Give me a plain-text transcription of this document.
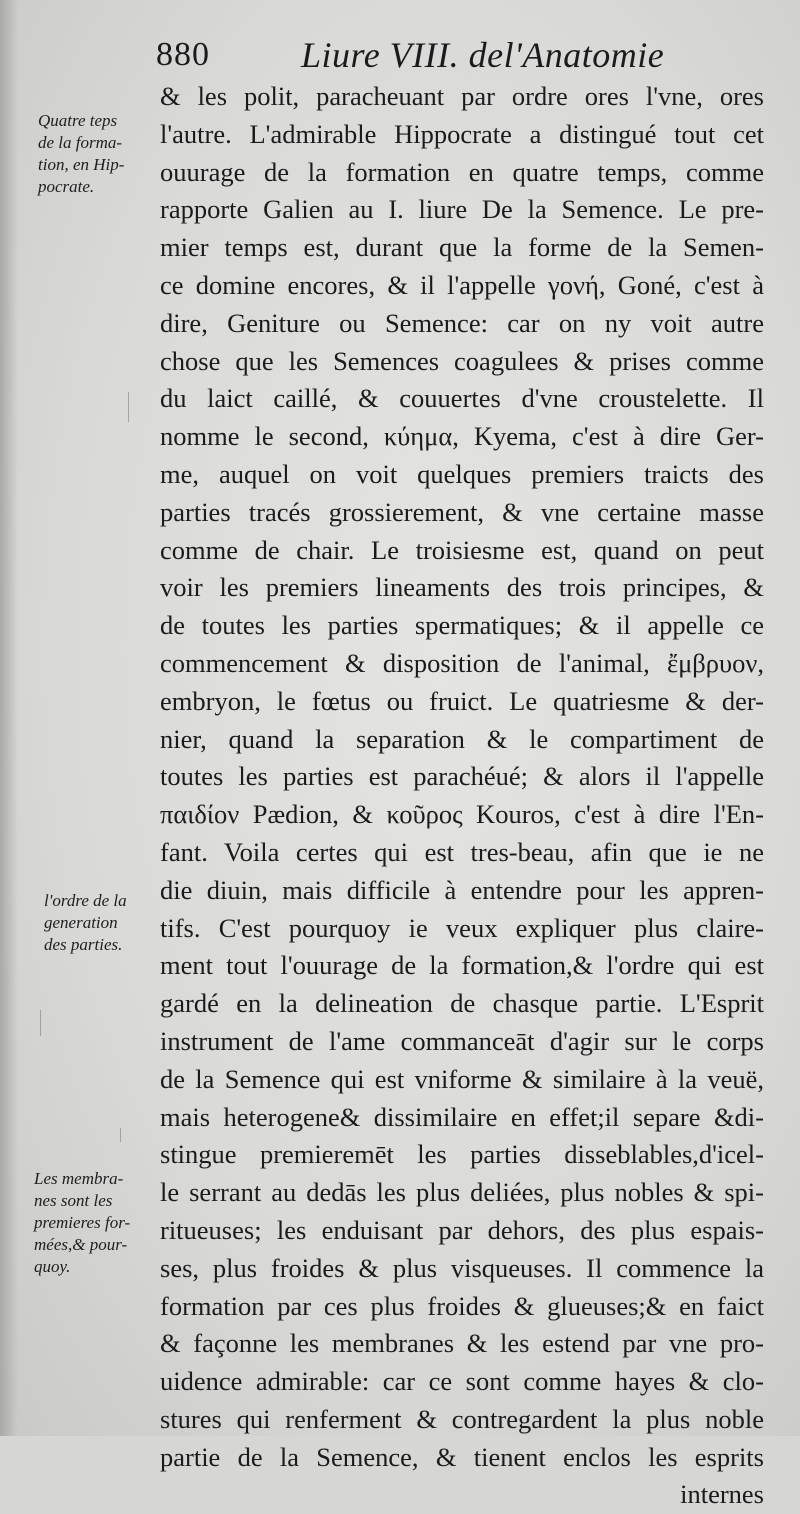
880	Liure VIII. del'Anatomie
Quatre teps
de la forma-
tion, en Hip-
pocrate.
l'ordre de la
generation
des parties.
Les membra-
nes sont les
premieres for-
mées,& pour-
quoy.
& les polit, paracheuant par ordre ores l'vne, ores
l'autre. L'admirable Hippocrate a distingué tout cet
ouurage de la formation en quatre temps, comme
rapporte Galien au I. liure De la Semence. Le pre-
mier temps est, durant que la forme de la Semen-
ce domine encores, & il l'appelle γονή, Goné, c'est à
dire, Geniture ou Semence: car on ny voit autre
chose que les Semences coagulees & prises comme
du laict caillé, & couuertes d'vne croustelette. Il
nomme le second, κύημα, Kyema, c'est à dire Ger-
me, auquel on voit quelques premiers traicts des
parties tracés grossierement, & vne certaine masse
comme de chair. Le troisiesme est, quand on peut
voir les premiers lineaments des trois principes, &
de toutes les parties spermatiques; & il appelle ce
commencement & disposition de l'animal, ἔμβρυον,
embryon, le fœtus ou fruict. Le quatriesme & der-
nier, quand la separation & le compartiment de
toutes les parties est parachéué; & alors il l'appelle
παιδίον Pædion, & κοῦρος Kouros, c'est à dire l'En-
fant. Voila certes qui est tres-beau, afin que ie ne
die diuin, mais difficile à entendre pour les appren-
tifs. C'est pourquoy ie veux expliquer plus claire-
ment tout l'ouurage de la formation,& l'ordre qui est
gardé en la delineation de chasque partie. L'Esprit
instrument de l'ame commanceāt d'agir sur le corps
de la Semence qui est vniforme & similaire à la veuë,
mais heterogene& dissimilaire en effet;il separe &di-
stingue premieremēt les parties disseblables,d'icel-
le serrant au dedās les plus deliées, plus nobles & spi-
ritueuses; les enduisant par dehors, des plus espais-
ses, plus froides & plus visqueuses. Il commence la
formation par ces plus froides & glueuses;& en faict
& façonne les membranes & les estend par vne pro-
uidence admirable: car ce sont comme hayes & clo-
stures qui renferment & contregardent la plus noble
partie de la Semence, & tienent enclos les esprits
internes
